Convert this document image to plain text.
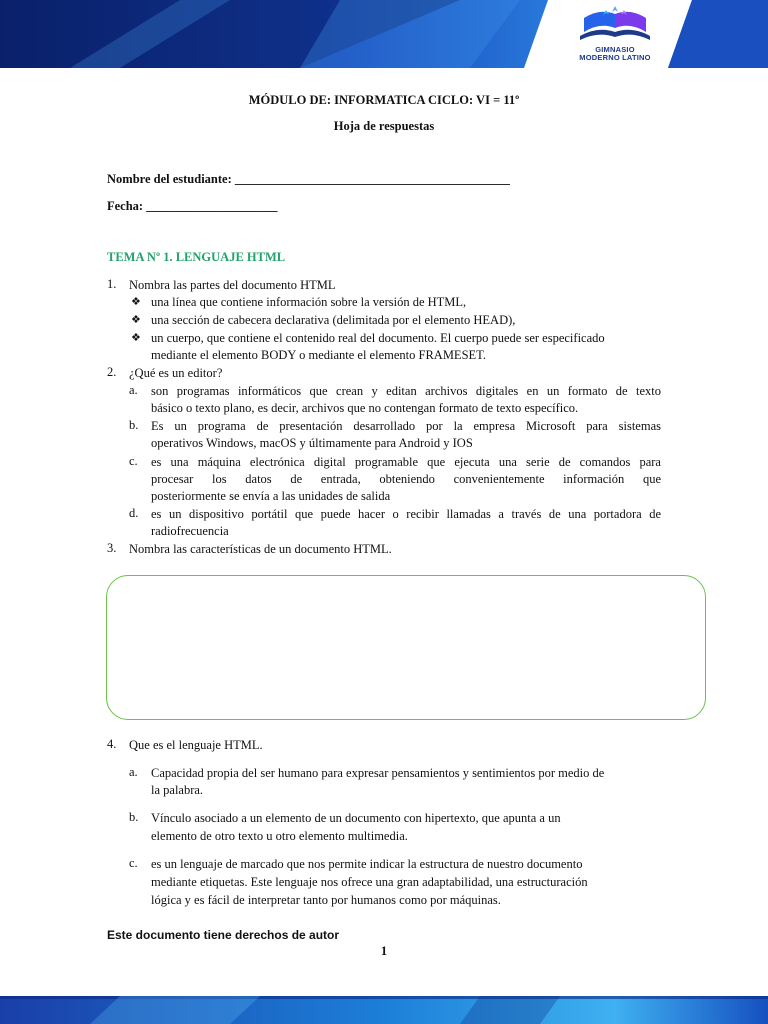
GIMNASIO
MODERNO LATINO
MÓDULO DE: INFORMATICA CICLO: VI = 11º
Hoja de respuestas
Nombre del estudiante: ____________________________________________
Fecha: _____________________
TEMA Nº 1. LENGUAJE HTML
1. Nombra las partes del documento HTML
❖ una línea que contiene información sobre la versión de HTML,
❖ una sección de cabecera declarativa (delimitada por el elemento HEAD),
❖ un cuerpo, que contiene el contenido real del documento. El cuerpo puede ser especificado
mediante el elemento BODY o mediante el elemento FRAMESET.
2. ¿Qué es un editor?
a. son programas informáticos que crean y editan archivos digitales en un formato de texto
básico o texto plano, es decir, archivos que no contengan formato de texto específico.
b. Es un programa de presentación desarrollado por la empresa Microsoft para sistemas
operativos Windows, macOS y últimamente para Android y IOS
c. es una máquina electrónica digital programable que ejecuta una serie de comandos para
procesar los datos de entrada, obteniendo convenientemente información que
posteriormente se envía a las unidades de salida
d. es un dispositivo portátil que puede hacer o recibir llamadas a través de una portadora de
radiofrecuencia
3. Nombra las características de un documento HTML.
4. Que es el lenguaje HTML.
a. Capacidad propia del ser humano para expresar pensamientos y sentimientos por medio de
la palabra.
b. Vínculo asociado a un elemento de un documento con hipertexto, que apunta a un
elemento de otro texto u otro elemento multimedia.
c. es un lenguaje de marcado que nos permite indicar la estructura de nuestro documento
mediante etiquetas. Este lenguaje nos ofrece una gran adaptabilidad, una estructuración
lógica y es fácil de interpretar tanto por humanos como por máquinas.
Este documento tiene derechos de autor
1
